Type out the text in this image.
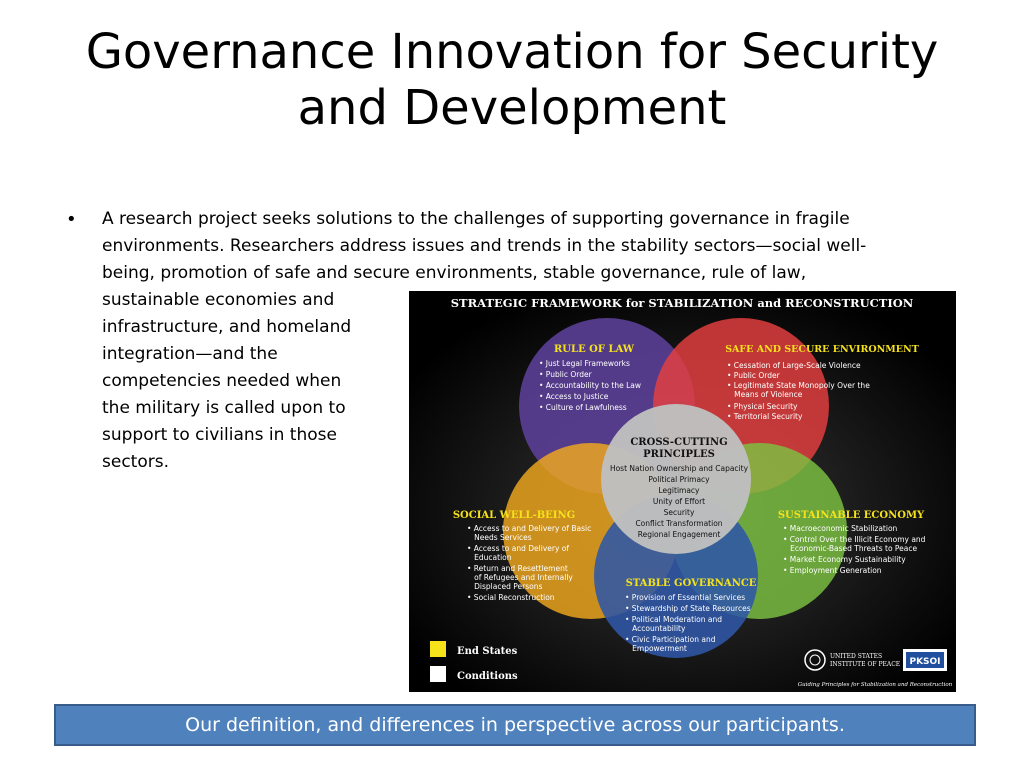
Governance Innovation for Security
and Development
• A research project seeks solutions to the challenges of supporting governance in fragile
environments. Researchers address issues and trends in the stability sectors—social well-
being, promotion of safe and secure environments, stable governance, rule of law,
sustainable economies and
infrastructure, and homeland
integration—and the
competencies needed when
the military is called upon to
support to civilians in those
sectors.
STRATEGIC FRAMEWORK for STABILIZATION and RECONSTRUCTION
RULE OF LAW
• Just Legal Frameworks
• Public Order
• Accountability to the Law
• Access to Justice
• Culture of Lawfulness
SAFE AND SECURE ENVIRONMENT
• Cessation of Large-Scale Violence
• Public Order
• Legitimate State Monopoly Over the
Means of Violence
• Physical Security
• Territorial Security
CROSS-CUTTING
PRINCIPLES
Host Nation Ownership and Capacity
Political Primacy
Legitimacy
Unity of Effort
Security
Conflict Transformation
Regional Engagement
SOCIAL WELL-BEING
• Access to and Delivery of Basic
Needs Services
• Access to and Delivery of
Education
• Return and Resettlement
of Refugees and Internally
Displaced Persons
• Social Reconstruction
SUSTAINABLE ECONOMY
• Macroeconomic Stabilization
• Control Over the Illicit Economy and
Economic-Based Threats to Peace
• Market Economy Sustainability
• Employment Generation
STABLE GOVERNANCE
• Provision of Essential Services
• Stewardship of State Resources
• Political Moderation and
Accountability
• Civic Participation and
Empowerment
End States
Conditions
UNITED STATES
INSTITUTE OF PEACE PKSOI
Guiding Principles for Stabilization and Reconstruction
Our definition, and differences in perspective across our participants.
